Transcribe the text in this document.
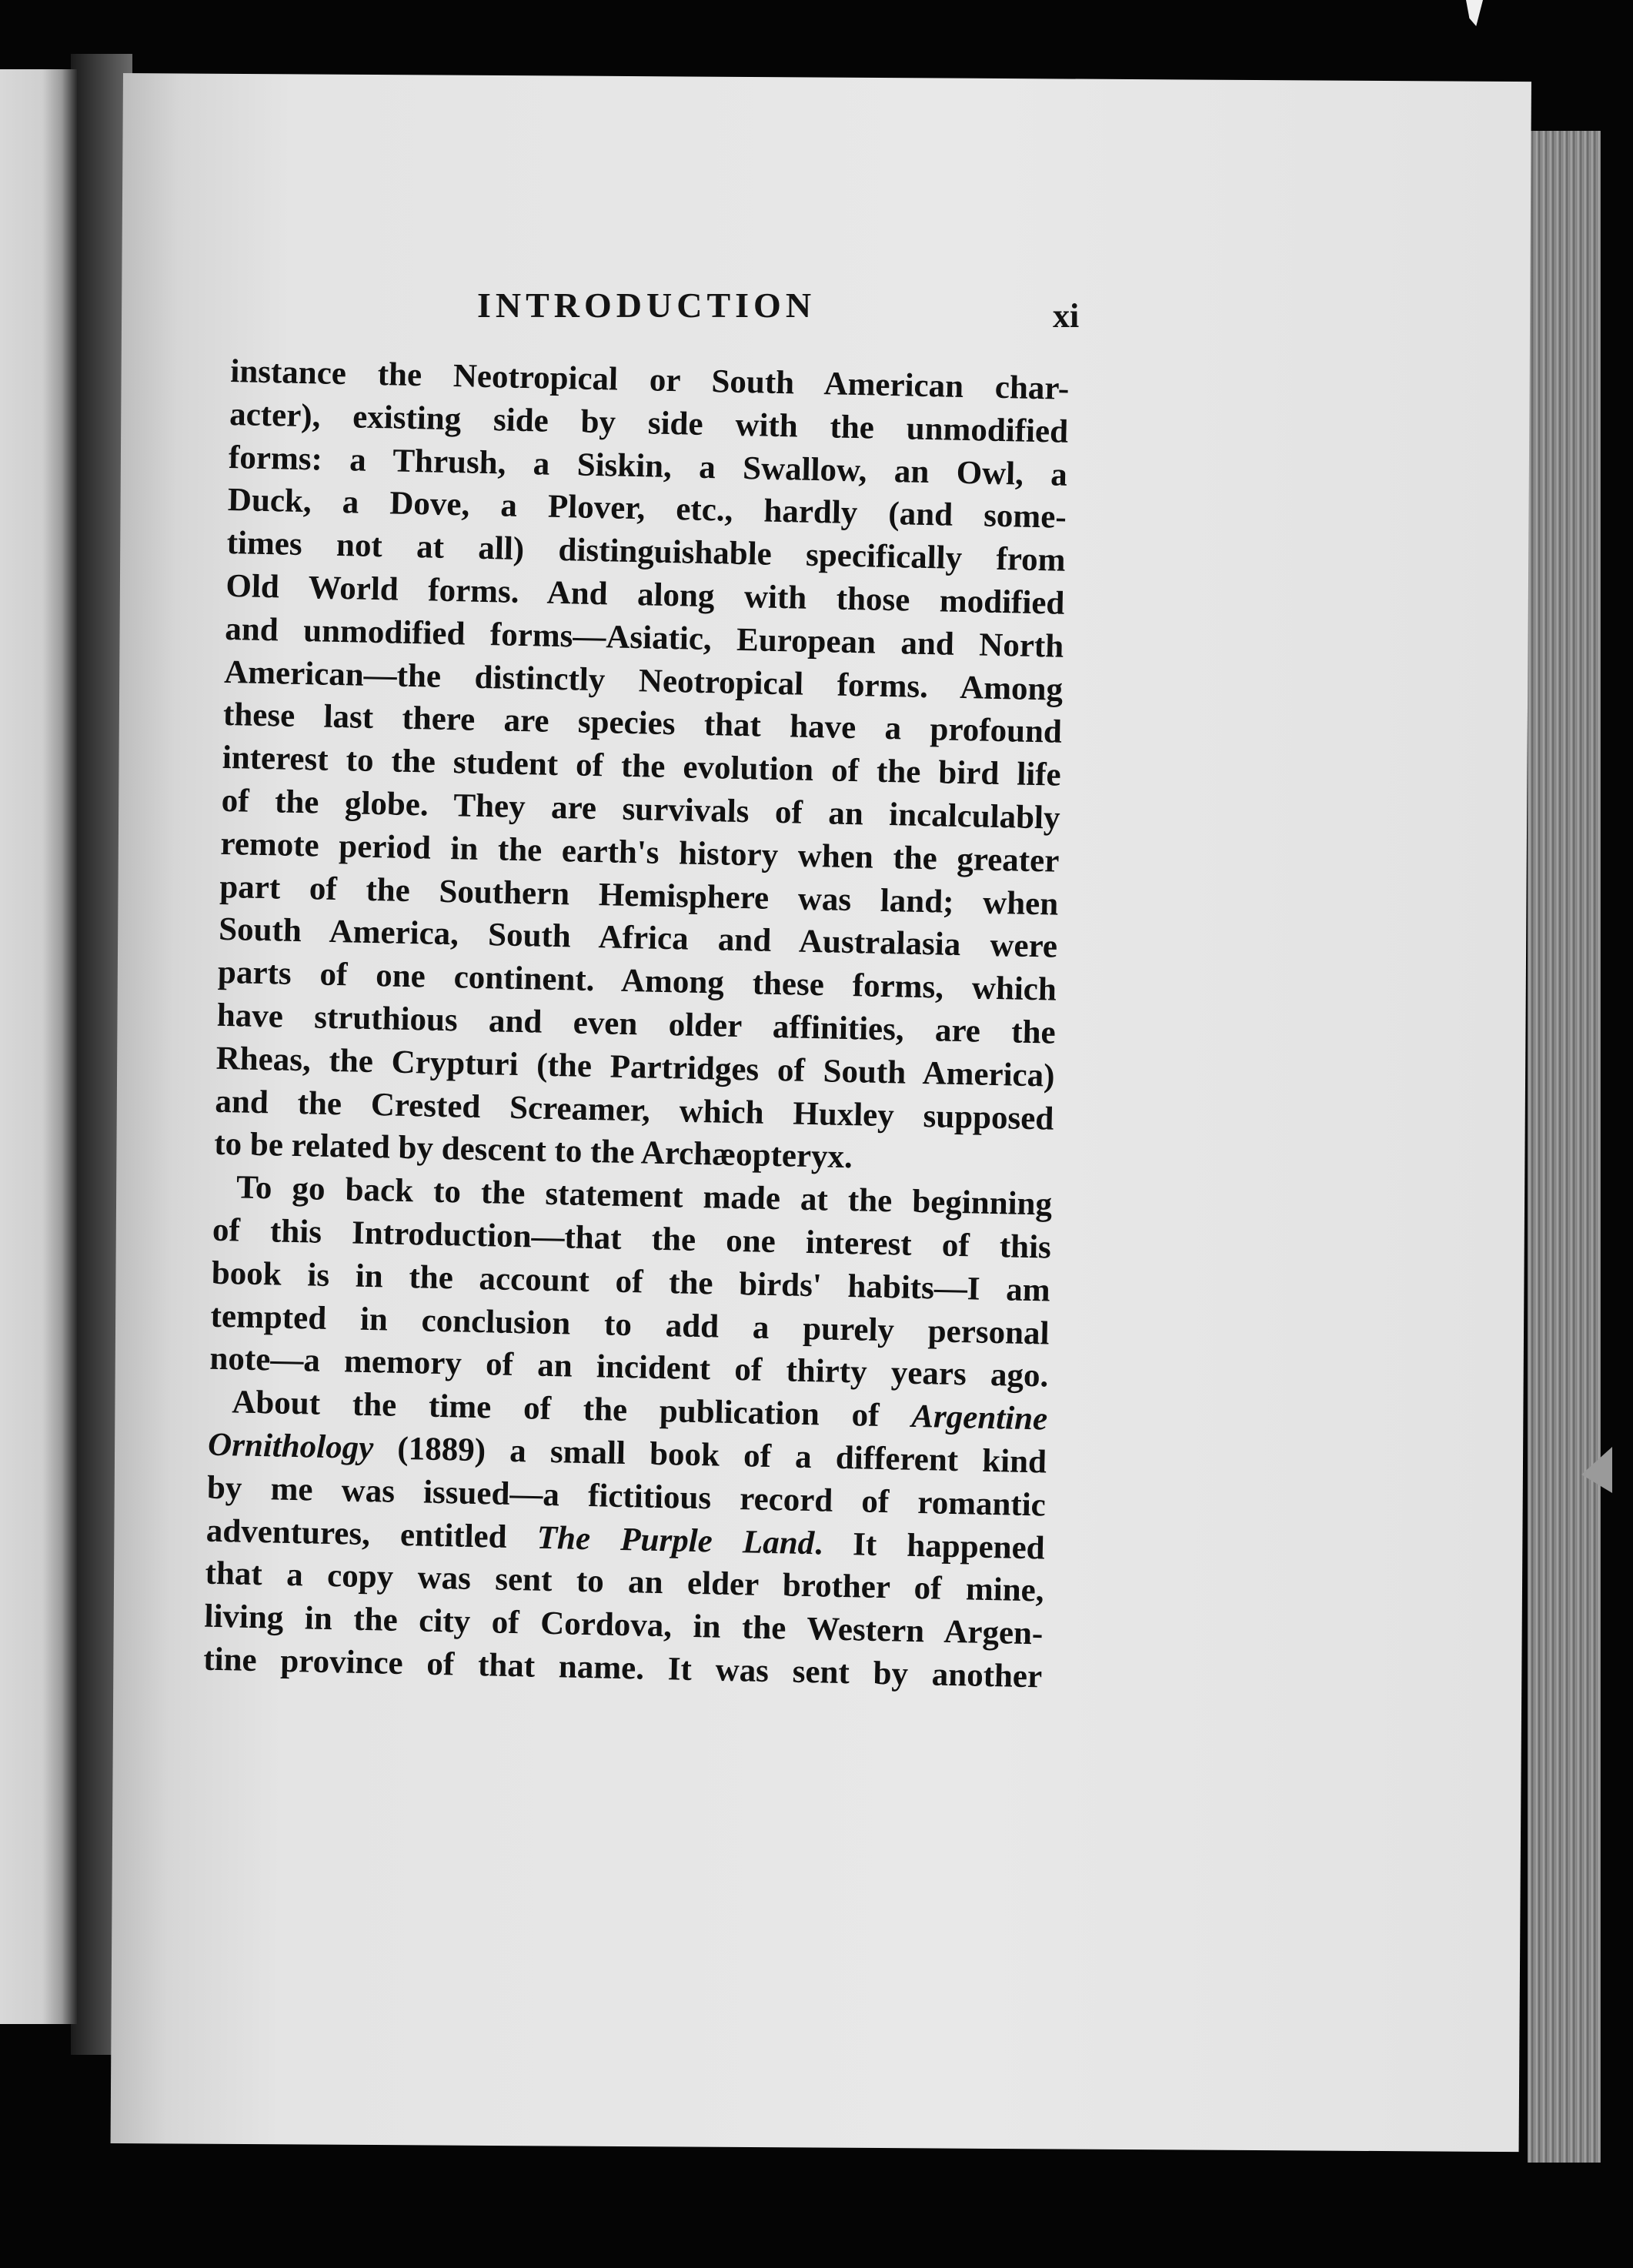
INTRODUCTION	xi
instance the Neotropical or South American char-
acter), existing side by side with the unmodified
forms: a Thrush, a Siskin, a Swallow, an Owl, a
Duck, a Dove, a Plover, etc., hardly (and some-
times not at all) distinguishable specifically from
Old World forms. And along with those modified
and unmodified forms—Asiatic, European and North
American—the distinctly Neotropical forms. Among
these last there are species that have a profound
interest to the student of the evolution of the bird life
of the globe. They are survivals of an incalculably
remote period in the earth's history when the greater
part of the Southern Hemisphere was land; when
South America, South Africa and Australasia were
parts of one continent. Among these forms, which
have struthious and even older affinities, are the
Rheas, the Crypturi (the Partridges of South America)
and the Crested Screamer, which Huxley supposed
to be related by descent to the Archæopteryx.
To go back to the statement made at the beginning
of this Introduction—that the one interest of this
book is in the account of the birds' habits—I am
tempted in conclusion to add a purely personal
note—a memory of an incident of thirty years ago.
About the time of the publication of Argentine
Ornithology (1889) a small book of a different kind
by me was issued—a fictitious record of romantic
adventures, entitled The Purple Land. It happened
that a copy was sent to an elder brother of mine,
living in the city of Cordova, in the Western Argen-
tine province of that name. It was sent by another
